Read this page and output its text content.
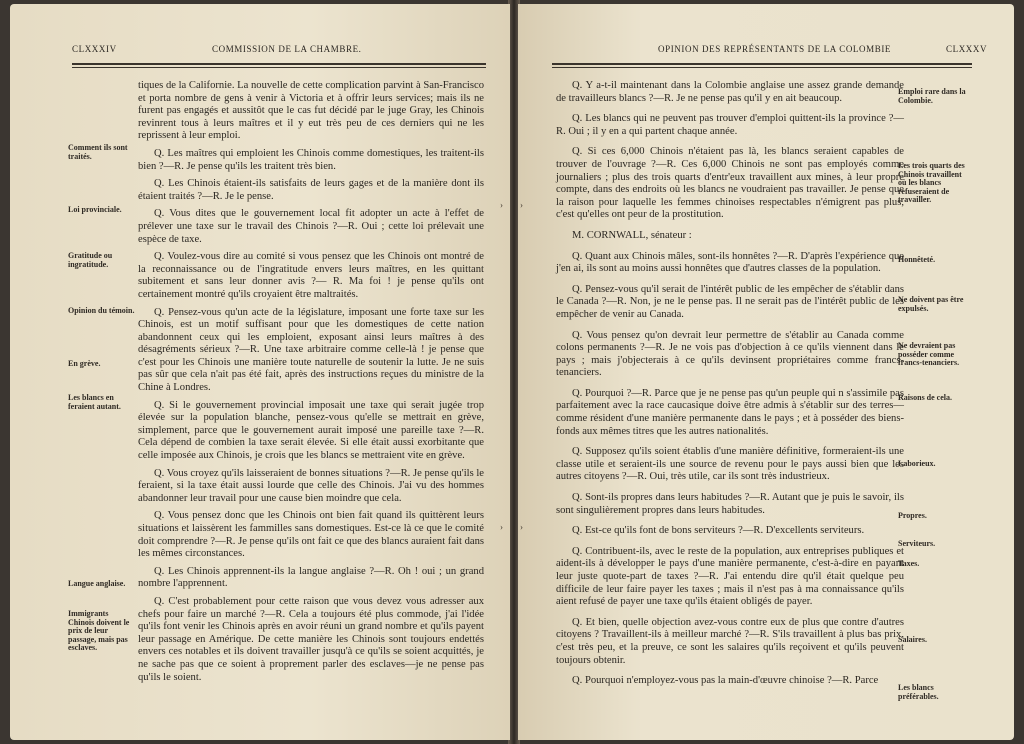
CLXXXIV	COMMISSION DE LA CHAMBRE.
Comment ils sont traités.
Loi provinciale.
Gratitude ou ingratitude.
Opinion du témoin.
En grève.
Les blancs en feraient autant.
Langue anglaise.
Immigrants Chinois doivent le prix de leur passage, mais pas esclaves.

tiques de la Californie. La nouvelle de cette complication parvint à San-Francisco et porta nombre de gens à venir à Victoria et à offrir leurs services; mais ils ne furent pas engagés et aussitôt que le cas fut décidé par le juge Gray, les Chinois revinrent tous à leurs maîtres et il y eut très peu de ces derniers qui ne les reprissent à leur emploi.

Q. Les maîtres qui emploient les Chinois comme domestiques, les traitent-ils bien ?—R. Je pense qu'ils les traitent très bien.

Q. Les Chinois étaient-ils satisfaits de leurs gages et de la manière dont ils étaient traités ?—R. Je le pense.

Q. Vous dites que le gouvernement local fit adopter un acte à l'effet de prélever une taxe sur le travail des Chinois ?—R. Oui ; cette loi prélevait une espèce de taxe.

Q. Voulez-vous dire au comité si vous pensez que les Chinois ont montré de la reconnaissance ou de l'ingratitude envers leurs maîtres, en les quittant subitement et sans leur donner avis ?— R. Ma foi ! je pense qu'ils ont certainement montré qu'ils croyaient être maltraités.

Q. Pensez-vous qu'un acte de la législature, imposant une forte taxe sur les Chinois, est un motif suffisant pour que les domestiques de cette nation abandonnent ceux qui les emploient, exposant ainsi leurs maîtres à des désagréments sérieux ?—R. Une taxe arbitraire comme celle-là ! je pense que c'est pour les Chinois une manière toute naturelle de soutenir la lutte. Je ne suis pas sûr que cela n'ait pas été fait, après des instructions reçues du ministre de la Chine à Londres.

Q. Si le gouvernement provincial imposait une taxe qui serait jugée trop élevée sur la population blanche, pensez-vous qu'elle se mettrait en grève, simplement, parce que le gouvernement aurait imposé une pareille taxe ?—R. Cela dépend de combien la taxe serait élevée. Si elle était aussi exorbitante que celle imposée aux Chinois, je crois que les blancs se mettraient vite en grève.

Q. Vous croyez qu'ils laisseraient de bonnes situations ?—R. Je pense qu'ils le feraient, si la taxe était aussi lourde que celle des Chinois. J'ai vu des hommes abandonner leur travail pour une cause bien moindre que cela.

Q. Vous pensez donc que les Chinois ont bien fait quand ils quittèrent leurs situations et laissèrent les fammilles sans domestiques. Est-ce là ce que le comité doit comprendre ?—R. Je pense qu'ils ont fait ce que des blancs auraient fait dans les mêmes circonstances.

Q. Les Chinois apprennent-ils la langue anglaise ?—R. Oh ! oui ; un grand nombre l'apprennent.

Q. C'est probablement pour cette raison que vous devez vous adresser aux chefs pour faire un marché ?—R. Cela a toujours été plus commode, j'ai l'idée qu'ils font venir les Chinois après en avoir réuni un grand nombre et qu'ils payent leur passage en Amérique. De cette manière les Chinois sont toujours endettés envers ces notables et ils doivent travailler jusqu'à ce qu'ils se soient acquittés, je ne sache pas que ce soient à proprement parler des esclaves—je ne pense pas qu'ils le soient.

›
›
OPINION DES REPRÉSENTANTS DE LA COLOMBIE	CLXXXV
Emploi rare dans la Colombie.
Les trois quarts des Chinois travaillent où les blancs refuseraient de travailler.
Honnêteté.
Ne doivent pas être expulsés.
Ne devraient pas posséder comme francs-tenanciers.
Raisons de cela.
Laborieux.
Propres.
Serviteurs.
Taxes.
Salaires.
Les blancs préférables.

Q. Y a-t-il maintenant dans la Colombie anglaise une assez grande demande de travailleurs blancs ?—R. Je ne pense pas qu'il y en ait beaucoup.

Q. Les blancs qui ne peuvent pas trouver d'emploi quittent-ils la province ?—R. Oui ; il y en a qui partent chaque année.

Q. Si ces 6,000 Chinois n'étaient pas là, les blancs seraient capables de trouver de l'ouvrage ?—R. Ces 6,000 Chinois ne sont pas employés comme journaliers ; plus des trois quarts d'entr'eux travaillent aux mines, à leur propre compte, dans des endroits où les blancs ne voudraient pas travailler. Je pense que la raison pour laquelle les femmes chinoises respectables n'émigrent pas plus, c'est qu'elles ont peur de la prostitution.

M. CORNWALL, sénateur :

Q. Quant aux Chinois mâles, sont-ils honnêtes ?—R. D'après l'expérience que j'en ai, ils sont au moins aussi honnêtes que d'autres classes de la population.

Q. Pensez-vous qu'il serait de l'intérêt public de les empêcher de s'établir dans le Canada ?—R. Non, je ne le pense pas. Il ne serait pas de l'intérêt public de les empêcher de venir au Canada.

Q. Vous pensez qu'on devrait leur permettre de s'établir au Canada comme colons permanents ?—R. Je ne vois pas d'objection à ce qu'ils viennent dans le pays ; mais j'objecterais à ce qu'ils devinsent propriétaires comme francs-tenanciers.

Q. Pourquoi ?—R. Parce que je ne pense pas qu'un peuple qui n s'assimile pas parfaitement avec la race caucasique doive être admis à s'établir sur des terres—comme résident d'une manière permanente dans le pays ; et à posséder des biens-fonds aux mêmes titres que les autres nationalités.

Q. Supposez qu'ils soient établis d'une manière définitive, formeraient-ils une classe utile et seraient-ils une source de revenu pour le pays aussi bien que les autres citoyens ?—R. Oui, très utile, car ils sont très industrieux.

Q. Sont-ils propres dans leurs habitudes ?—R. Autant que je puis le savoir, ils sont singulièrement propres dans leurs habitudes.

Q. Est-ce qu'ils font de bons serviteurs ?—R. D'excellents serviteurs.

Q. Contribuent-ils, avec le reste de la population, aux entreprises publiques et aident-ils à développer le pays d'une manière permanente, c'est-à-dire en payant leur juste quote-part de taxes ?—R. J'ai entendu dire qu'il était quelque peu difficile de leur faire payer les taxes ; mais il n'est pas à ma connaissance qu'ils aient refusé de payer une taxe qu'ils étaient obligés de payer.

Q. Et bien, quelle objection avez-vous contre eux de plus que contre d'autres citoyens ? Travaillent-ils à meilleur marché ?—R. S'ils travaillent à plus bas prix, c'est très peu, et la preuve, ce sont les salaires qu'ils reçoivent et qu'ils peuvent toujours obtenir.

Q. Pourquoi n'employez-vous pas la main-d'œuvre chinoise ?—R. Parce

›
›
